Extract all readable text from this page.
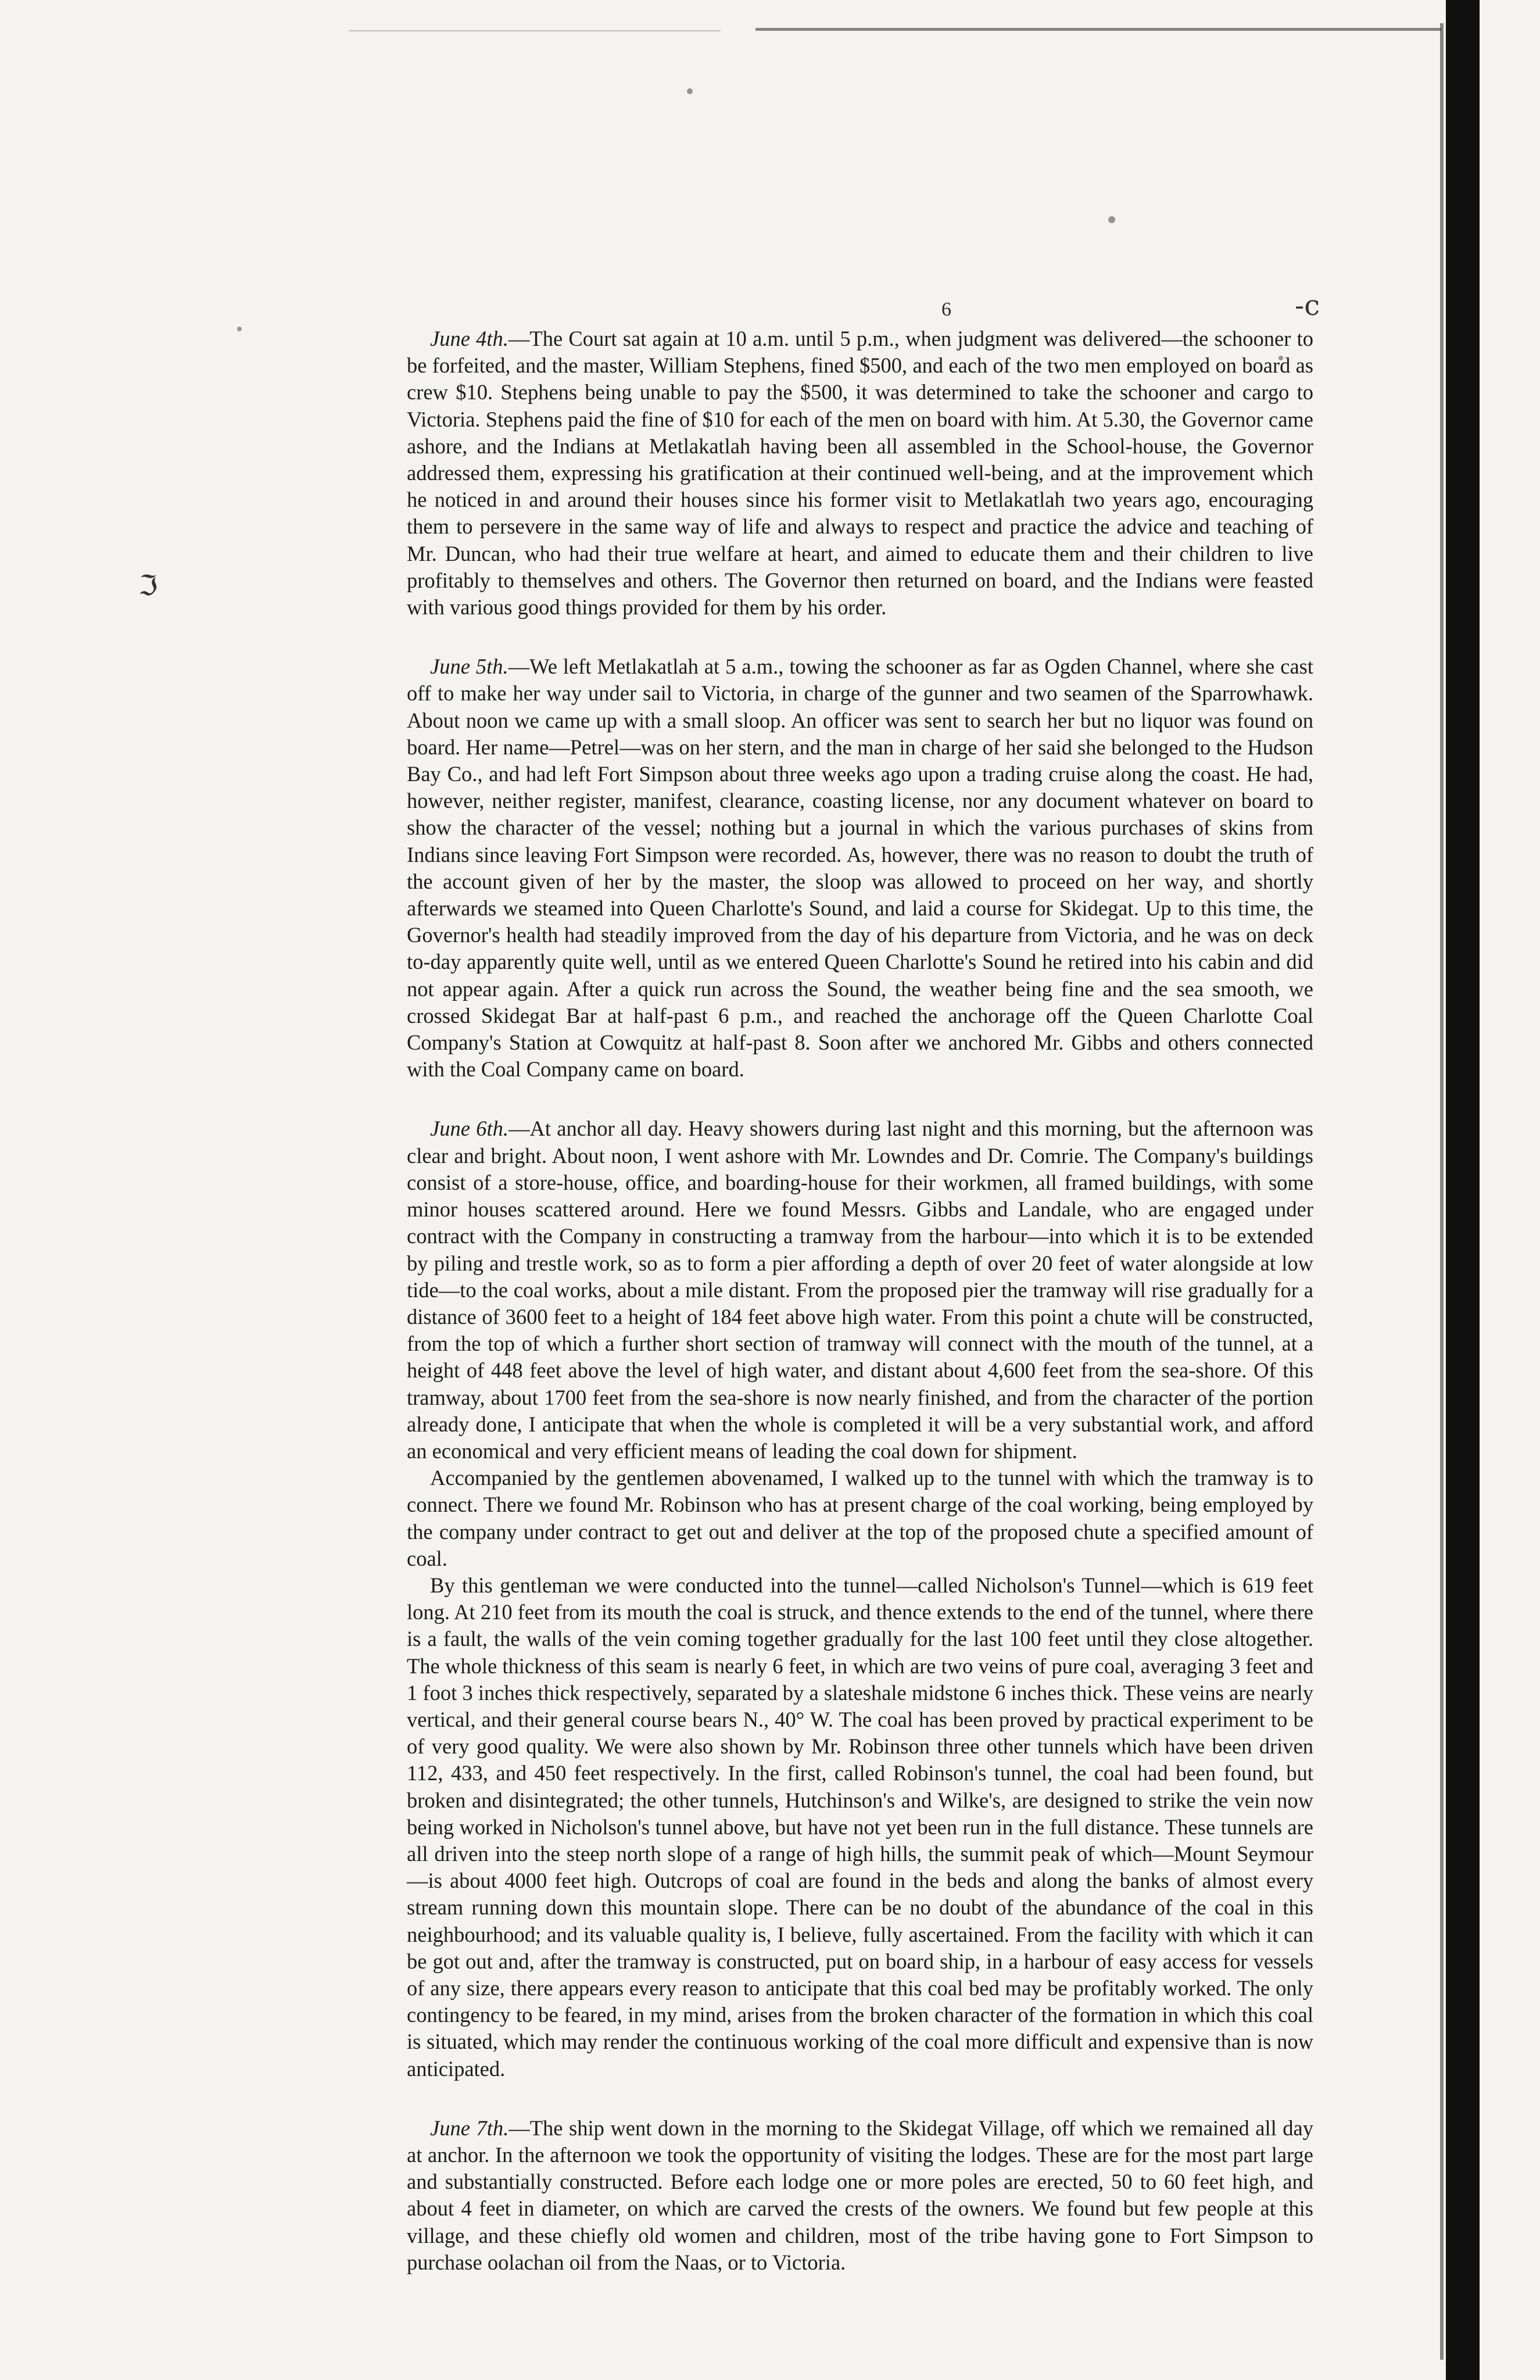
ℑ
-ϲ
6

June 4th.—The Court sat again at 10 a.m. until 5 p.m., when judgment was delivered—the schooner to be forfeited, and the master, William Stephens, fined $500, and each of the two men employed on board as crew $10. Stephens being unable to pay the $500, it was determined to take the schooner and cargo to Victoria. Stephens paid the fine of $10 for each of the men on board with him. At 5.30, the Governor came ashore, and the Indians at Metlakatlah having been all assembled in the School-house, the Governor addressed them, expressing his gratification at their continued well-being, and at the improvement which he noticed in and around their houses since his former visit to Metlakatlah two years ago, encouraging them to persevere in the same way of life and always to respect and practice the advice and teaching of Mr. Duncan, who had their true welfare at heart, and aimed to educate them and their children to live profitably to themselves and others. The Governor then returned on board, and the Indians were feasted with various good things provided for them by his order.

June 5th.—We left Metlakatlah at 5 a.m., towing the schooner as far as Ogden Channel, where she cast off to make her way under sail to Victoria, in charge of the gunner and two seamen of the Sparrowhawk. About noon we came up with a small sloop. An officer was sent to search her but no liquor was found on board. Her name—Petrel—was on her stern, and the man in charge of her said she belonged to the Hudson Bay Co., and had left Fort Simpson about three weeks ago upon a trading cruise along the coast. He had, however, neither register, manifest, clearance, coasting license, nor any document whatever on board to show the character of the vessel; nothing but a journal in which the various purchases of skins from Indians since leaving Fort Simpson were recorded. As, however, there was no reason to doubt the truth of the account given of her by the master, the sloop was allowed to proceed on her way, and shortly afterwards we steamed into Queen Charlotte's Sound, and laid a course for Skidegat. Up to this time, the Governor's health had steadily improved from the day of his departure from Victoria, and he was on deck to-day apparently quite well, until as we entered Queen Charlotte's Sound he retired into his cabin and did not appear again. After a quick run across the Sound, the weather being fine and the sea smooth, we crossed Skidegat Bar at half-past 6 p.m., and reached the anchorage off the Queen Charlotte Coal Company's Station at Cowquitz at half-past 8. Soon after we anchored Mr. Gibbs and others connected with the Coal Company came on board.

June 6th.—At anchor all day. Heavy showers during last night and this morning, but the afternoon was clear and bright. About noon, I went ashore with Mr. Lowndes and Dr. Comrie. The Company's buildings consist of a store-house, office, and boarding-house for their workmen, all framed buildings, with some minor houses scattered around. Here we found Messrs. Gibbs and Landale, who are engaged under contract with the Company in constructing a tramway from the harbour—into which it is to be extended by piling and trestle work, so as to form a pier affording a depth of over 20 feet of water alongside at low tide—to the coal works, about a mile distant. From the proposed pier the tramway will rise gradually for a distance of 3600 feet to a height of 184 feet above high water. From this point a chute will be constructed, from the top of which a further short section of tramway will connect with the mouth of the tunnel, at a height of 448 feet above the level of high water, and distant about 4,600 feet from the sea-shore. Of this tramway, about 1700 feet from the sea-shore is now nearly finished, and from the character of the portion already done, I anticipate that when the whole is completed it will be a very substantial work, and afford an economical and very efficient means of leading the coal down for shipment.

Accompanied by the gentlemen abovenamed, I walked up to the tunnel with which the tramway is to connect. There we found Mr. Robinson who has at present charge of the coal working, being employed by the company under contract to get out and deliver at the top of the proposed chute a specified amount of coal.

By this gentleman we were conducted into the tunnel—called Nicholson's Tunnel—which is 619 feet long. At 210 feet from its mouth the coal is struck, and thence extends to the end of the tunnel, where there is a fault, the walls of the vein coming together gradually for the last 100 feet until they close altogether. The whole thickness of this seam is nearly 6 feet, in which are two veins of pure coal, averaging 3 feet and 1 foot 3 inches thick respectively, separated by a slateshale midstone 6 inches thick. These veins are nearly vertical, and their general course bears N., 40° W. The coal has been proved by practical experiment to be of very good quality. We were also shown by Mr. Robinson three other tunnels which have been driven 112, 433, and 450 feet respectively. In the first, called Robinson's tunnel, the coal had been found, but broken and disintegrated; the other tunnels, Hutchinson's and Wilke's, are designed to strike the vein now being worked in Nicholson's tunnel above, but have not yet been run in the full distance. These tunnels are all driven into the steep north slope of a range of high hills, the summit peak of which—Mount Seymour—is about 4000 feet high. Outcrops of coal are found in the beds and along the banks of almost every stream running down this mountain slope. There can be no doubt of the abundance of the coal in this neighbourhood; and its valuable quality is, I believe, fully ascertained. From the facility with which it can be got out and, after the tramway is constructed, put on board ship, in a harbour of easy access for vessels of any size, there appears every reason to anticipate that this coal bed may be profitably worked. The only contingency to be feared, in my mind, arises from the broken character of the formation in which this coal is situated, which may render the continuous working of the coal more difficult and expensive than is now anticipated.

June 7th.—The ship went down in the morning to the Skidegat Village, off which we remained all day at anchor. In the afternoon we took the opportunity of visiting the lodges. These are for the most part large and substantially constructed. Before each lodge one or more poles are erected, 50 to 60 feet high, and about 4 feet in diameter, on which are carved the crests of the owners. We found but few people at this village, and these chiefly old women and children, most of the tribe having gone to Fort Simpson to purchase oolachan oil from the Naas, or to Victoria.
